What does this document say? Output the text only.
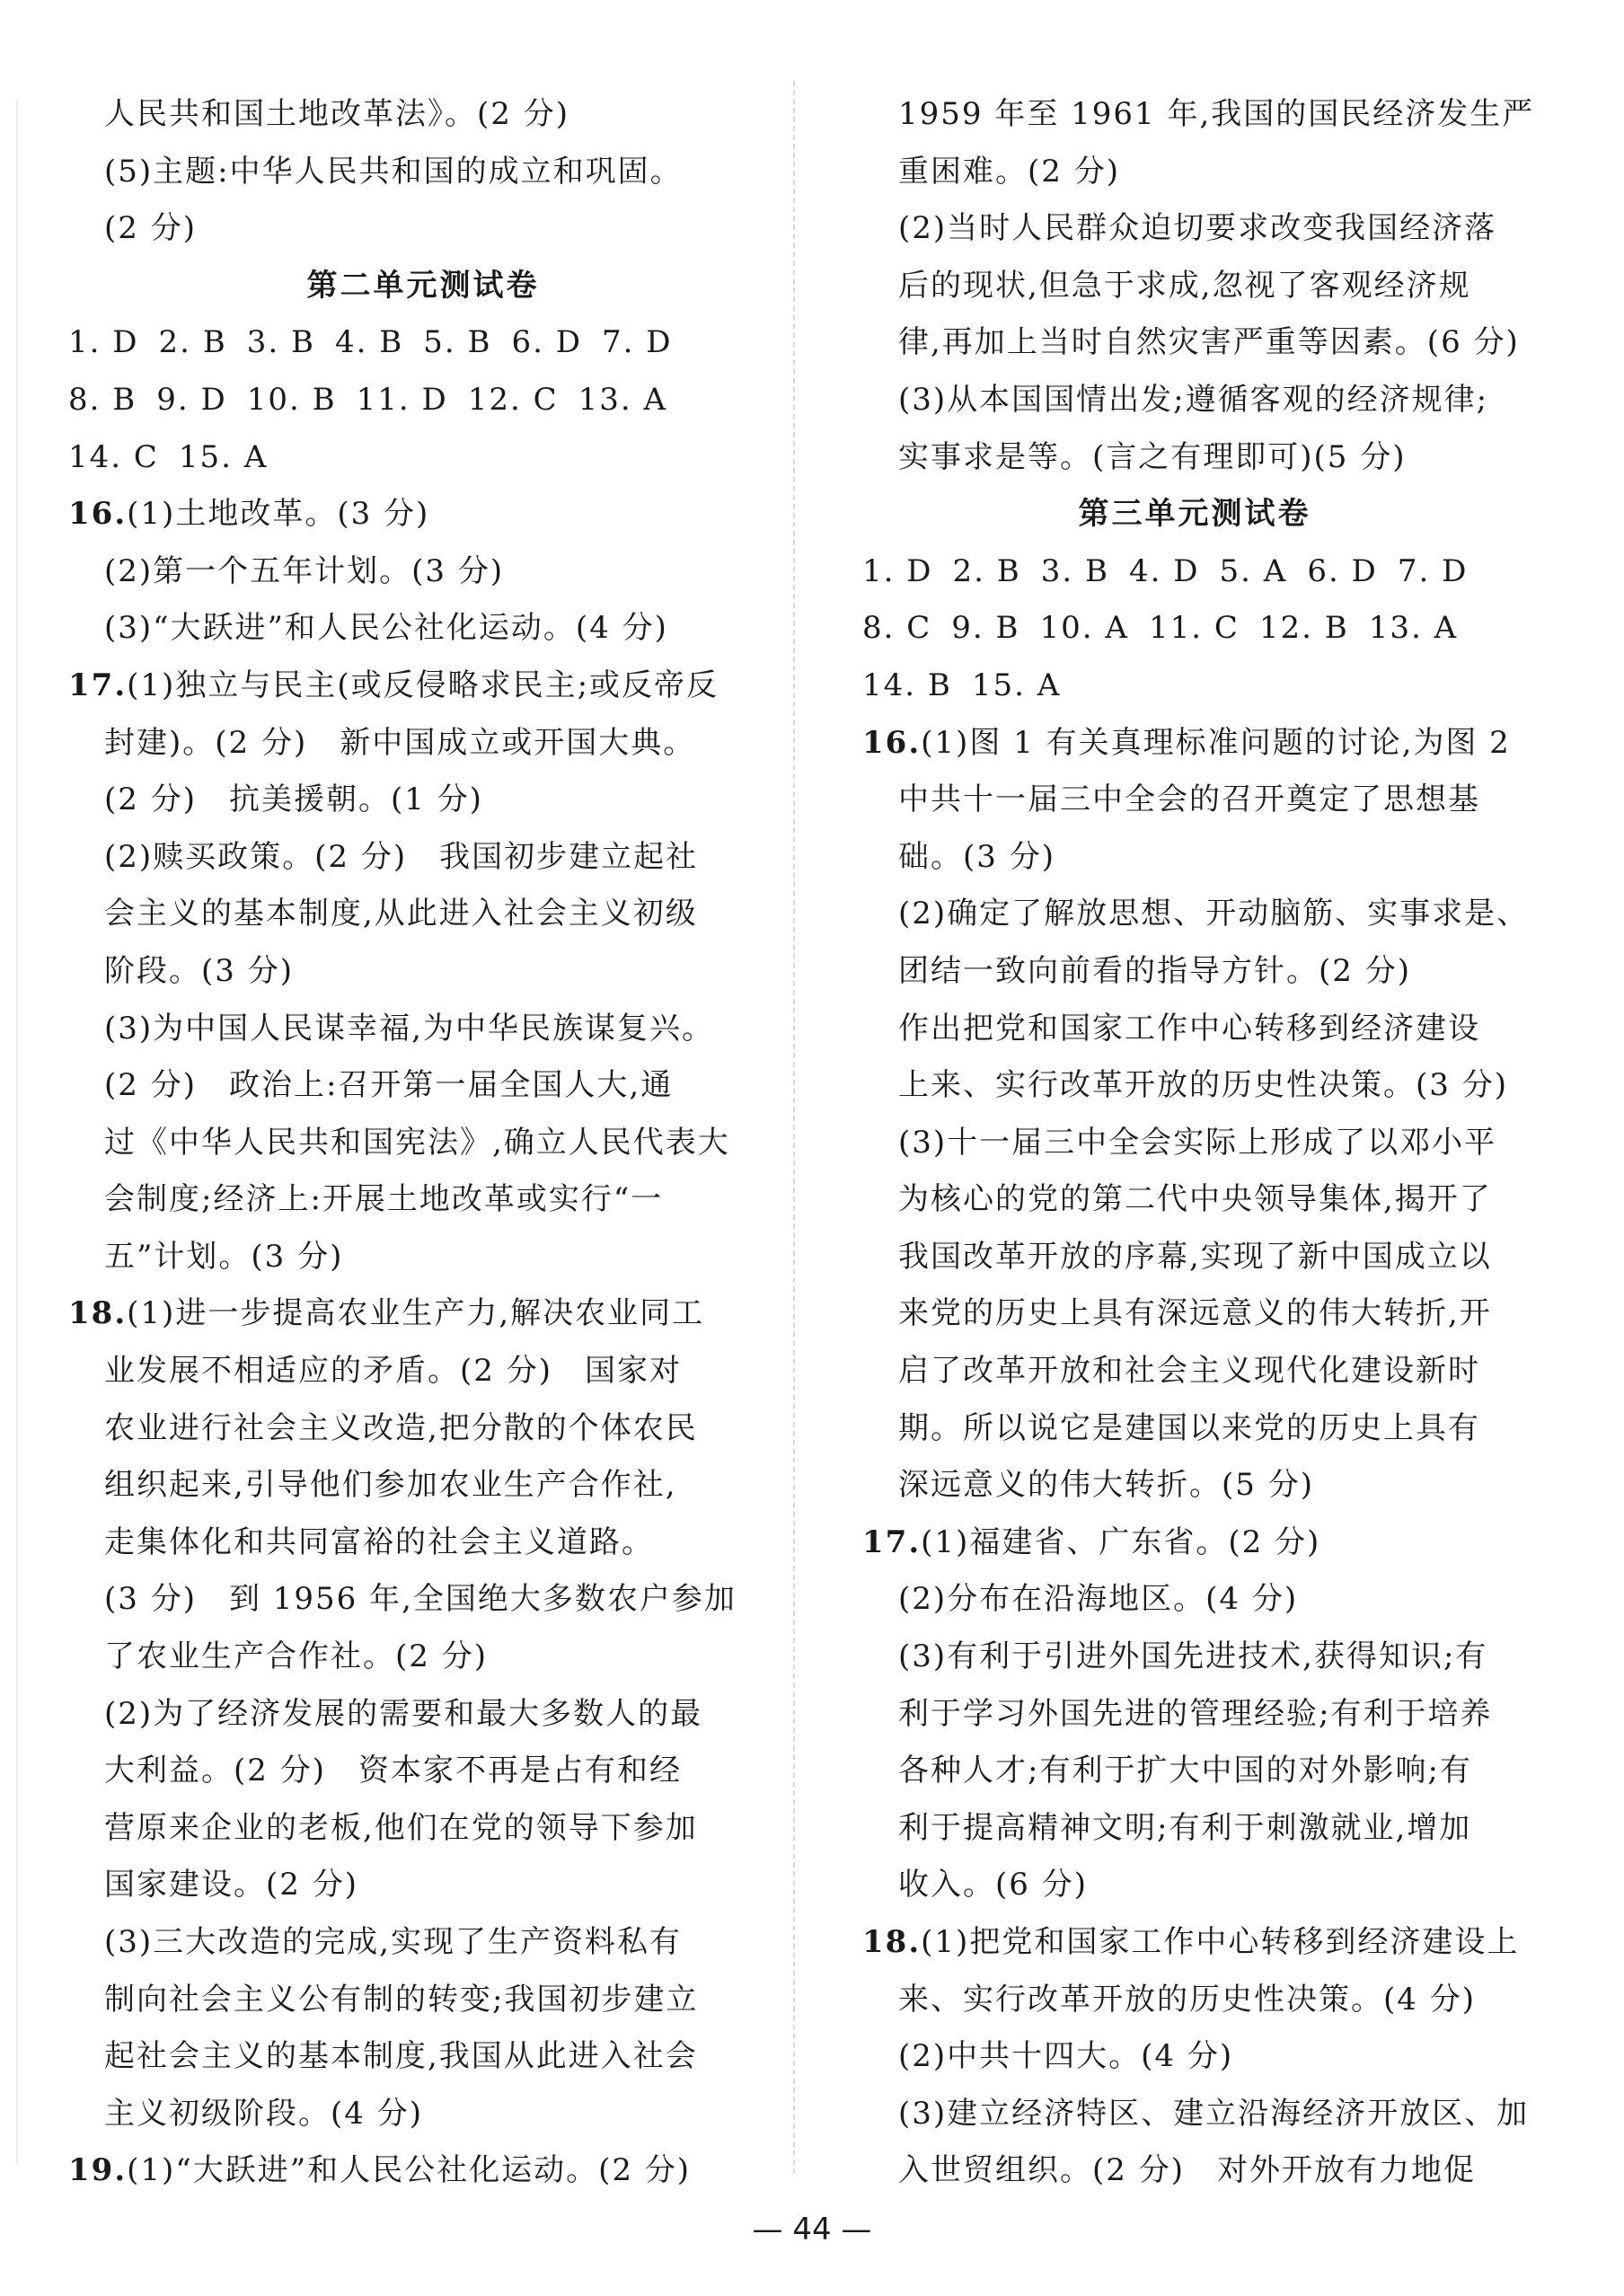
人民共和国土地改革法》。(2 分)
(5)主题:中华人民共和国的成立和巩固。
(2 分)
第二单元测试卷
1. D 2. B 3. B 4. B 5. B 6. D 7. D
8. B 9. D 10. B 11. D 12. C 13. A
14. C 15. A
16.(1)土地改革。(3 分)
(2)第一个五年计划。(3 分)
(3)“大跃进”和人民公社化运动。(4 分)
17.(1)独立与民主(或反侵略求民主;或反帝反
封建)。(2 分)　新中国成立或开国大典。
(2 分)　抗美援朝。(1 分)
(2)赎买政策。(2 分)　我国初步建立起社
会主义的基本制度,从此进入社会主义初级
阶段。(3 分)
(3)为中国人民谋幸福,为中华民族谋复兴。
(2 分)　政治上:召开第一届全国人大,通
过《中华人民共和国宪法》,确立人民代表大
会制度;经济上:开展土地改革或实行“一
五”计划。(3 分)
18.(1)进一步提高农业生产力,解决农业同工
业发展不相适应的矛盾。(2 分)　国家对
农业进行社会主义改造,把分散的个体农民
组织起来,引导他们参加农业生产合作社,
走集体化和共同富裕的社会主义道路。
(3 分)　到 1956 年,全国绝大多数农户参加
了农业生产合作社。(2 分)
(2)为了经济发展的需要和最大多数人的最
大利益。(2 分)　资本家不再是占有和经
营原来企业的老板,他们在党的领导下参加
国家建设。(2 分)
(3)三大改造的完成,实现了生产资料私有
制向社会主义公有制的转变;我国初步建立
起社会主义的基本制度,我国从此进入社会
主义初级阶段。(4 分)
19.(1)“大跃进”和人民公社化运动。(2 分)
1959 年至 1961 年,我国的国民经济发生严
重困难。(2 分)
(2)当时人民群众迫切要求改变我国经济落
后的现状,但急于求成,忽视了客观经济规
律,再加上当时自然灾害严重等因素。(6 分)
(3)从本国国情出发;遵循客观的经济规律;
实事求是等。(言之有理即可)(5 分)
第三单元测试卷
1. D 2. B 3. B 4. D 5. A 6. D 7. D
8. C 9. B 10. A 11. C 12. B 13. A
14. B 15. A
16.(1)图 1 有关真理标准问题的讨论,为图 2
中共十一届三中全会的召开奠定了思想基
础。(3 分)
(2)确定了解放思想、开动脑筋、实事求是、
团结一致向前看的指导方针。(2 分)
作出把党和国家工作中心转移到经济建设
上来、实行改革开放的历史性决策。(3 分)
(3)十一届三中全会实际上形成了以邓小平
为核心的党的第二代中央领导集体,揭开了
我国改革开放的序幕,实现了新中国成立以
来党的历史上具有深远意义的伟大转折,开
启了改革开放和社会主义现代化建设新时
期。所以说它是建国以来党的历史上具有
深远意义的伟大转折。(5 分)
17.(1)福建省、广东省。(2 分)
(2)分布在沿海地区。(4 分)
(3)有利于引进外国先进技术,获得知识;有
利于学习外国先进的管理经验;有利于培养
各种人才;有利于扩大中国的对外影响;有
利于提高精神文明;有利于刺激就业,增加
收入。(6 分)
18.(1)把党和国家工作中心转移到经济建设上
来、实行改革开放的历史性决策。(4 分)
(2)中共十四大。(4 分)
(3)建立经济特区、建立沿海经济开放区、加
入世贸组织。(2 分)　对外开放有力地促
— 44 —
